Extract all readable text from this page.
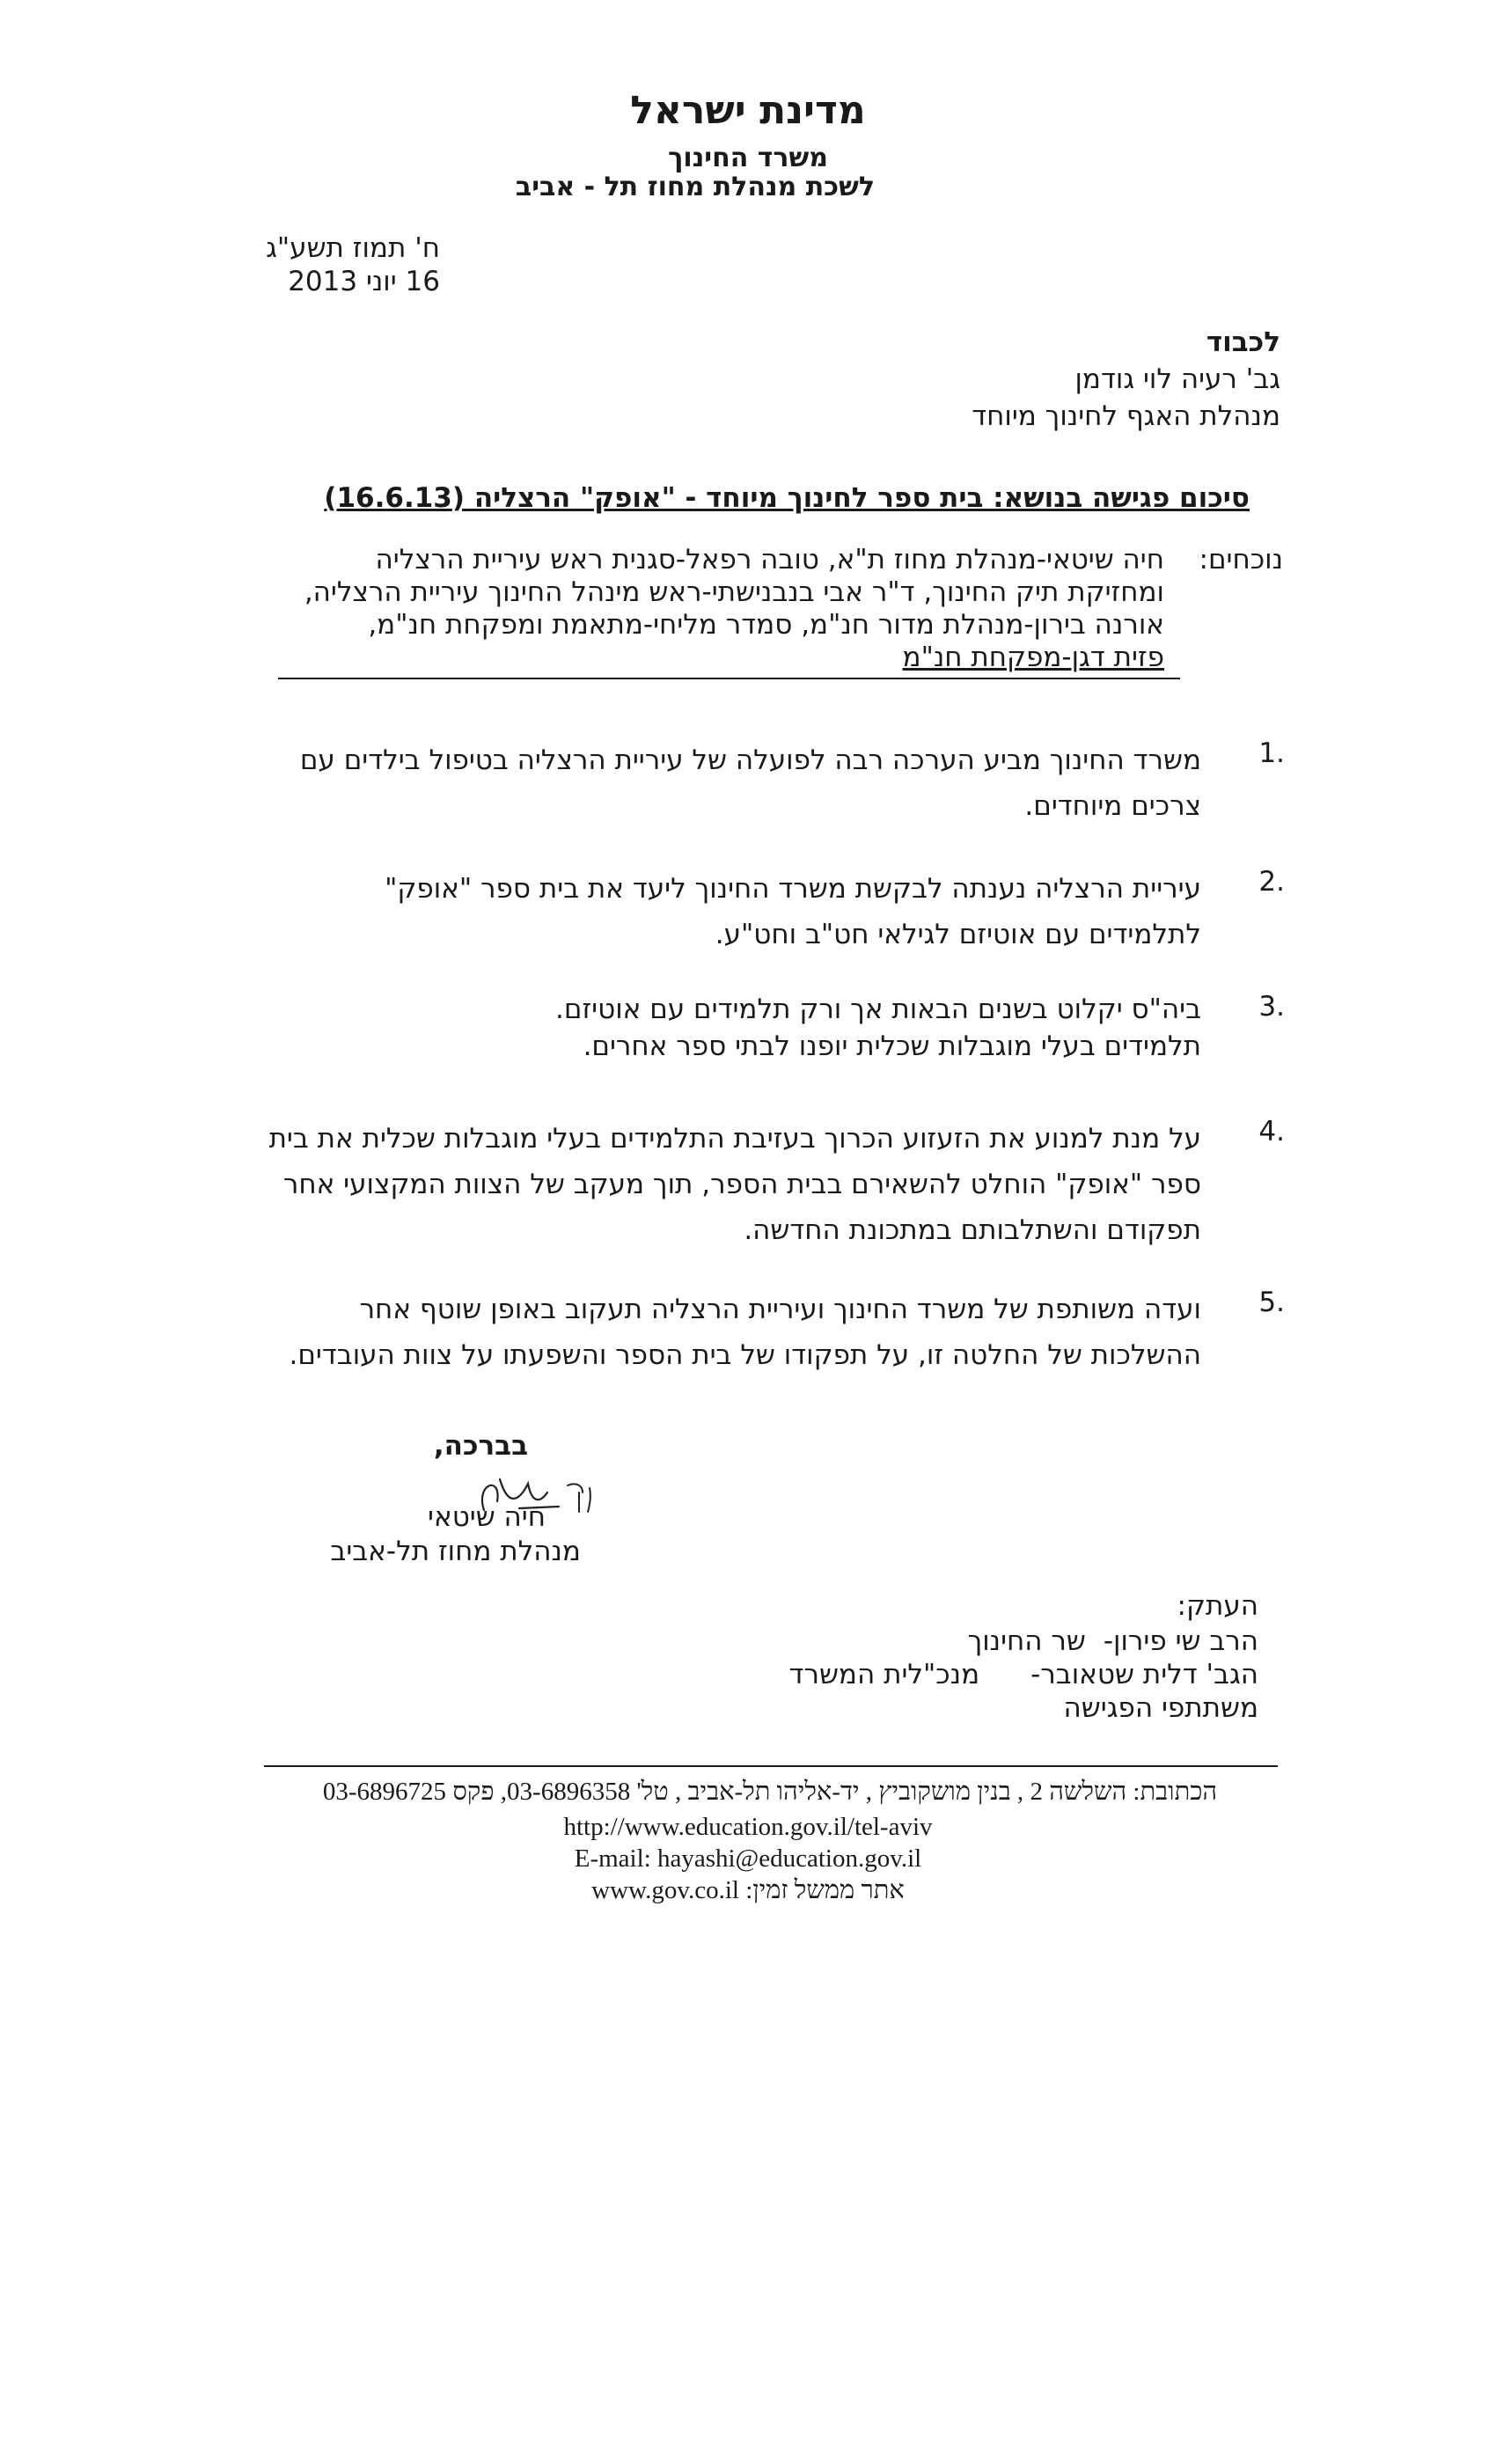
מדינת ישראל
משרד החינוך
לשכת מנהלת מחוז תל - אביב
ח' תמוז תשע"ג
16 יוני 2013
לכבוד
גב' רעיה לוי גודמן
מנהלת האגף לחינוך מיוחד
סיכום פגישה בנושא: בית ספר לחינוך מיוחד - "אופק" הרצליה (16.6.13)
נוכחים:
חיה שיטאי-מנהלת מחוז ת"א, טובה רפאל-סגנית ראש עיריית הרצליה
ומחזיקת תיק החינוך, ד"ר אבי בנבנישתי-ראש מינהל החינוך עיריית הרצליה,
אורנה בירון-מנהלת מדור חנ"מ, סמדר מליחי-מתאמת ומפקחת חנ"מ,
פזית דגן-מפקחת חנ"מ
.1
משרד החינוך מביע הערכה רבה לפועלה של עיריית הרצליה בטיפול בילדים עם
צרכים מיוחדים.
.2
עיריית הרצליה נענתה לבקשת משרד החינוך ליעד את בית ספר "אופק"
לתלמידים עם אוטיזם לגילאי חט"ב וחט"ע.
.3
ביה"ס יקלוט בשנים הבאות אך ורק תלמידים עם אוטיזם.
תלמידים בעלי מוגבלות שכלית יופנו לבתי ספר אחרים.
.4
על מנת למנוע את הזעזוע הכרוך בעזיבת התלמידים בעלי מוגבלות שכלית את בית
ספר "אופק" הוחלט להשאירם בבית הספר, תוך מעקב של הצוות המקצועי אחר
תפקודם והשתלבותם במתכונת החדשה.
.5
ועדה משותפת של משרד החינוך ועיריית הרצליה תעקוב באופן שוטף אחר
ההשלכות של החלטה זו, על תפקודו של בית הספר והשפעתו על צוות העובדים.
בברכה,
חיה שיטאי
מנהלת מחוז תל-אביב
העתק:
הרב שי פירון-שר החינוך
הגב' דלית שטאובר-מנכ"לית המשרד
משתתפי הפגישה
הכתובת: השלשה 2 , בנין מושקוביץ , יד-אליהו תל-אביב , טל' 03-6896358, פקס 03-6896725
http://www.education.gov.il/tel-aviv
E-mail: hayashi@education.gov.il
www.gov.co.il :אתר ממשל זמין
